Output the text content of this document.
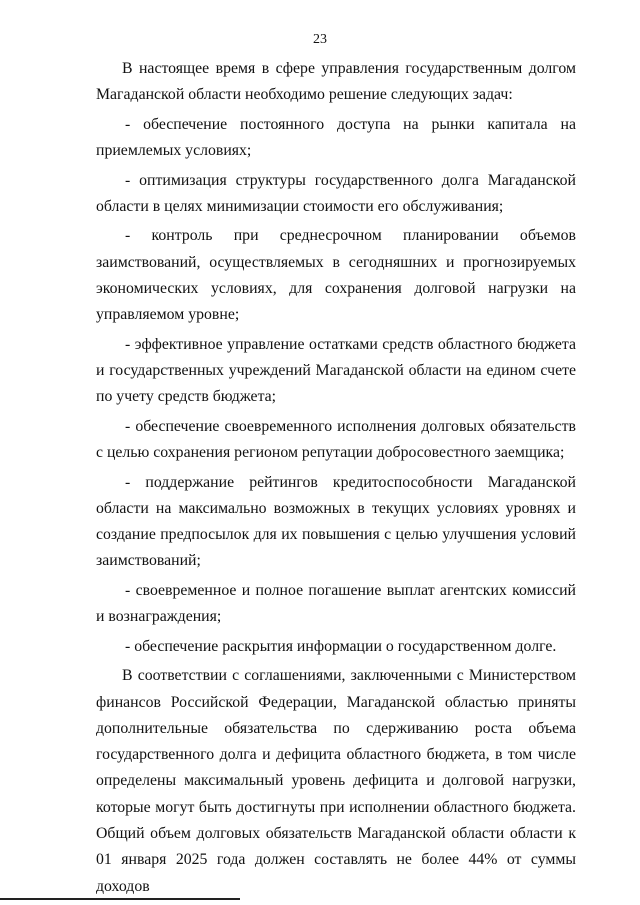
23

В настоящее время в сфере управления государственным долгом Магаданской области необходимо решение следующих задач:

- обеспечение постоянного доступа на рынки капитала на приемлемых условиях;

- оптимизация структуры государственного долга Магаданской области в целях минимизации стоимости его обслуживания;

- контроль при среднесрочном планировании объемов заимствований, осуществляемых в сегодняшних и прогнозируемых экономических условиях, для сохранения долговой нагрузки на управляемом уровне;

- эффективное управление остатками средств областного бюджета и государственных учреждений Магаданской области на едином счете по учету средств бюджета;

- обеспечение своевременного исполнения долговых обязательств с целью сохранения регионом репутации добросовестного заемщика;

- поддержание рейтингов кредитоспособности Магаданской области на максимально возможных в текущих условиях уровнях и создание предпосылок для их повышения с целью улучшения условий заимствований;

- своевременное и полное погашение выплат агентских комиссий и вознаграждения;

- обеспечение раскрытия информации о государственном долге.

В соответствии с соглашениями, заключенными с Министерством финансов Российской Федерации, Магаданской областью приняты дополнительные обязательства по сдерживанию роста объема государственного долга и дефицита областного бюджета, в том числе определены максимальный уровень дефицита и долговой нагрузки, которые могут быть достигнуты при исполнении областного бюджета. Общий объем долговых обязательств Магаданской области области к 01 января 2025 года должен составлять не более 44% от суммы доходов
